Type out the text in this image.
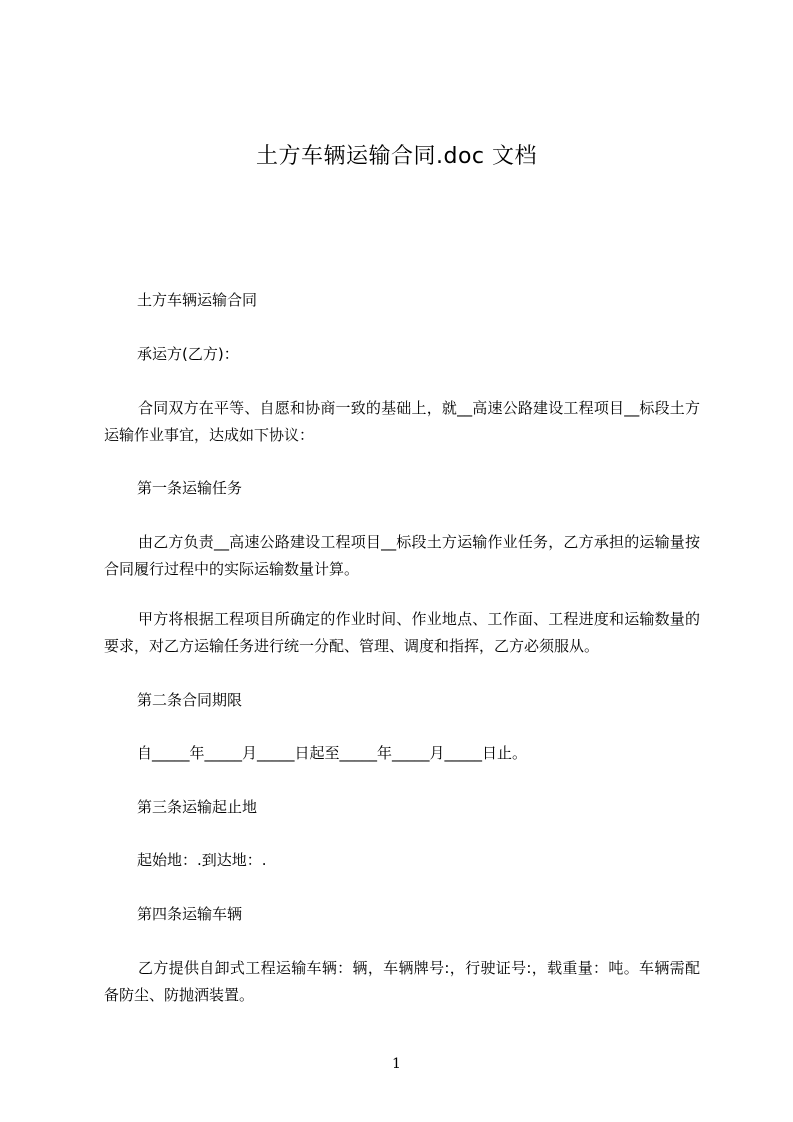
土方车辆运输合同.doc 文档
土方车辆运输合同
承运方(乙方)：
合同双方在平等、自愿和协商一致的基础上，就__高速公路建设工程项目__标段土方运输作业事宜，达成如下协议：
第一条运输任务
由乙方负责__高速公路建设工程项目__标段土方运输作业任务，乙方承担的运输量按合同履行过程中的实际运输数量计算。
甲方将根据工程项目所确定的作业时间、作业地点、工作面、工程进度和运输数量的要求，对乙方运输任务进行统一分配、管理、调度和指挥，乙方必须服从。
第二条合同期限
自_____年_____月_____日起至_____年_____月_____日止。
第三条运输起止地
起始地：.到达地：.
第四条运输车辆
乙方提供自卸式工程运输车辆：辆，车辆牌号:，行驶证号:，载重量：吨。车辆需配备防尘、防抛洒装置。
1
